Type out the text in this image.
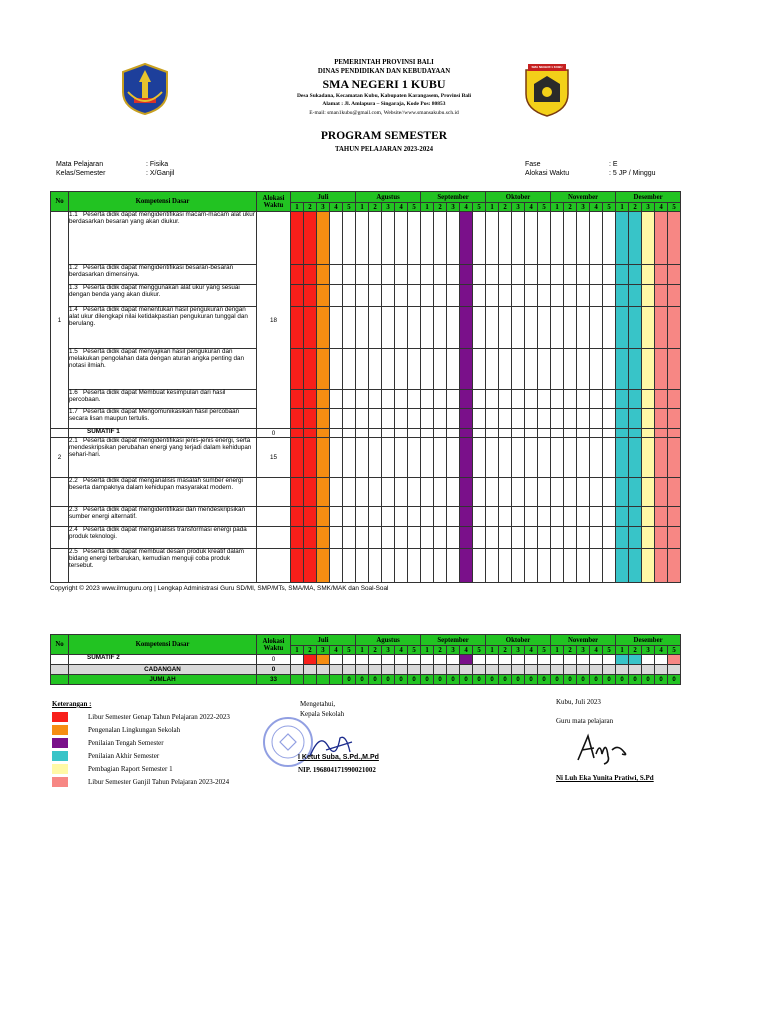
PEMERINTAH PROVINSI BALI
DINAS PENDIDIKAN DAN KEBUDAYAAN
SMA NEGERI 1 KUBU
Desa Sukadana, Kecamatan Kubu, Kabupaten Karangasem, Provinsi Bali
Alamat : Jl. Amlapura – Singaraja, Kode Pos: 80853
E-mail: sman1kubu@gmail.com, Website//www.smansakubu.sch.id
SMA NEGERI 1 KUBU
PROGRAM SEMESTER
TAHUN PELAJARAN 2023-2024
Mata Pelajaran	: Fisika
Kelas/Semester	: X/Ganjil
Fase	: E
Alokasi Waktu	: 5 JP / Minggu
No	Kompetensi Dasar	Alokasi Waktu	Juli					Agustus					September					Oktober					November					Desember				
			1	2	3	4	5	1	2	3	4	5	1	2	3	4	5	1	2	3	4	5	1	2	3	4	5	1	2	3	4	5
1	1.1 Peserta didik dapat mengidentifikasi macam-macam alat ukur berdasarkan besaran yang akan diukur.	18																														
	1.2 Peserta didik dapat mengidentifikasi besaran-besaran berdasarkan dimensinya.																															
	1.3 Peserta didik dapat menggunakan alat ukur yang sesuai dengan benda yang akan diukur.																															
	1.4 Peserta didik dapat menentukan hasil pengukuran dengan alat ukur dilengkapi nilai ketidakpastian pengukuran tunggal dan berulang.																															
	1.5 Peserta didik dapat menyajikan hasil pengukuran dan melakukan pengolahan data dengan aturan angka penting dan notasi ilmiah.																															
	1.6 Peserta didik dapat Membuat kesimpulan dari hasil percobaan.																															
	1.7 Peserta didik dapat Mengomunikasikan hasil percobaan secara lisan maupun tertulis.																															
	SUMATIF 1	0																														
2	2.1 Peserta didik dapat mengidentifikasi jenis-jenis energi, serta mendeskripsikan perubahan energi yang terjadi dalam kehidupan sehari-hari.	15																														
	2.2 Peserta didik dapat menganalisis masalah sumber energi beserta dampaknya dalam kehidupan masyarakat modern.																															
	2.3 Peserta didik dapat mengidentifikasi dan mendeskripsikan sumber energi alternatif.																															
	2.4 Peserta didik dapat menganalisis transformasi energi pada produk teknologi.																															
	2.5 Peserta didik dapat membuat desain produk kreatif dalam bidang energi terbarukan, kemudian menguji coba produk tersebut.																															
Copyright © 2023 www.ilmuguru.org | Lengkap Administrasi Guru SD/MI, SMP/MTs, SMA/MA, SMK/MAK dan Soal-Soal
No	Kompetensi Dasar	Alokasi Waktu	Juli					Agustus					September					Oktober					November					Desember				
			1	2	3	4	5	1	2	3	4	5	1	2	3	4	5	1	2	3	4	5	1	2	3	4	5	1	2	3	4	5
	SUMATIF 2	0																														
	CADANGAN	0																														
	JUMLAH	33					0	0	0	0	0	0	0	0	0	0	0	0	0	0	0	0	0	0	0	0	0	0	0	0	0	0
Keterangan :
Libur Semester Genap Tahun Pelajaran 2022-2023
Pengenalan Lingkungan Sekolah
Penilaian Tengah Semester
Penilaian Akhir Semester
Pembagian Raport Semester 1
Libur Semester Ganjil Tahun Pelajaran 2023-2024
Mengetahui,
Kepala Sekolah
I Ketut Suba, S.Pd.,M.Pd
NIP. 196804171990021002
Kubu, Juli 2023
Guru mata pelajaran
Ni Luh Eka Yunita Pratiwi, S.Pd
